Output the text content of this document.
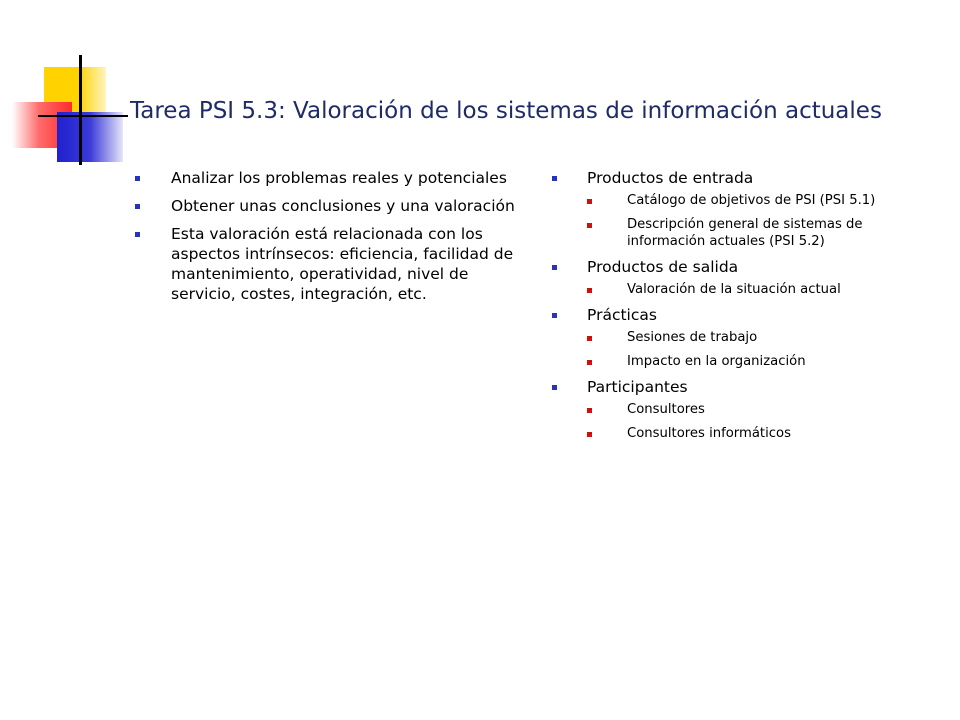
Tarea PSI 5.3: Valoración de los sistemas de información actuales
Analizar los problemas reales y potenciales
Obtener unas conclusiones y una valoración
Esta valoración está relacionada con los aspectos intrínsecos: eficiencia, facilidad de mantenimiento, operatividad, nivel de servicio, costes, integración, etc.
Productos de entrada
Catálogo de objetivos de PSI (PSI 5.1)
Descripción general de sistemas de información actuales (PSI 5.2)
Productos de salida
Valoración de la situación actual
Prácticas
Sesiones de trabajo
Impacto en la organización
Participantes
Consultores
Consultores informáticos
